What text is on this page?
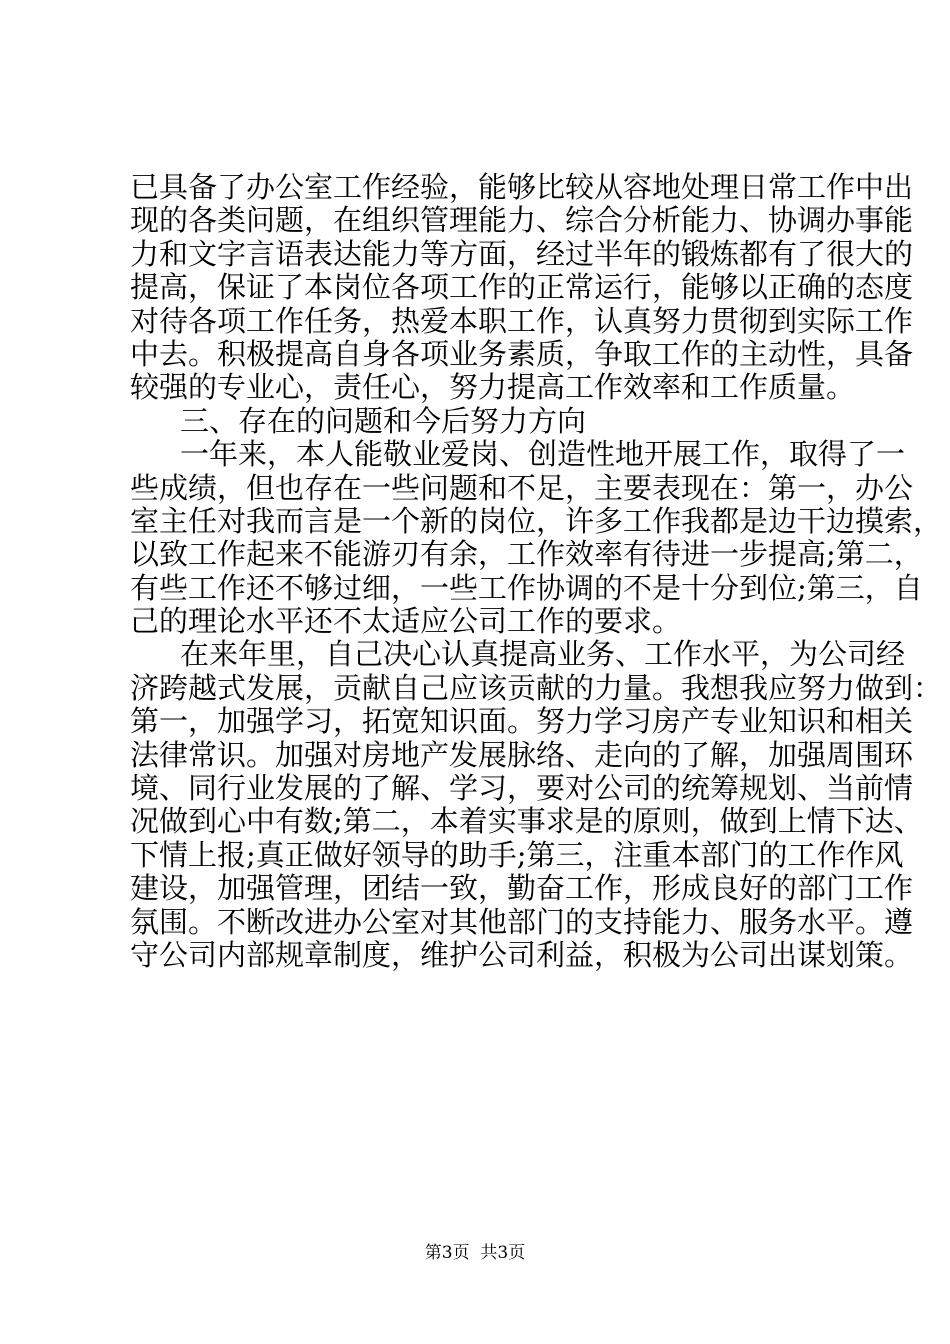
已具备了办公室工作经验，能够比较从容地处理日常工作中出
现的各类问题，在组织管理能力、综合分析能力、协调办事能
力和文字言语表达能力等方面，经过半年的锻炼都有了很大的
提高，保证了本岗位各项工作的正常运行，能够以正确的态度
对待各项工作任务，热爱本职工作，认真努力贯彻到实际工作
中去。积极提高自身各项业务素质，争取工作的主动性，具备
较强的专业心，责任心，努力提高工作效率和工作质量。
三、存在的问题和今后努力方向
一年来，本人能敬业爱岗、创造性地开展工作，取得了一
些成绩，但也存在一些问题和不足，主要表现在：第一，办公
室主任对我而言是一个新的岗位，许多工作我都是边干边摸索，
以致工作起来不能游刃有余，工作效率有待进一步提高;第二，
有些工作还不够过细，一些工作协调的不是十分到位;第三，自
己的理论水平还不太适应公司工作的要求。
在来年里，自己决心认真提高业务、工作水平，为公司经
济跨越式发展，贡献自己应该贡献的力量。我想我应努力做到：
第一，加强学习，拓宽知识面。努力学习房产专业知识和相关
法律常识。加强对房地产发展脉络、走向的了解，加强周围环
境、同行业发展的了解、学习，要对公司的统筹规划、当前情
况做到心中有数;第二，本着实事求是的原则，做到上情下达、
下情上报;真正做好领导的助手;第三，注重本部门的工作作风
建设，加强管理，团结一致，勤奋工作，形成良好的部门工作
氛围。不断改进办公室对其他部门的支持能力、服务水平。遵
守公司内部规章制度，维护公司利益，积极为公司出谋划策。
第3页  共3页
